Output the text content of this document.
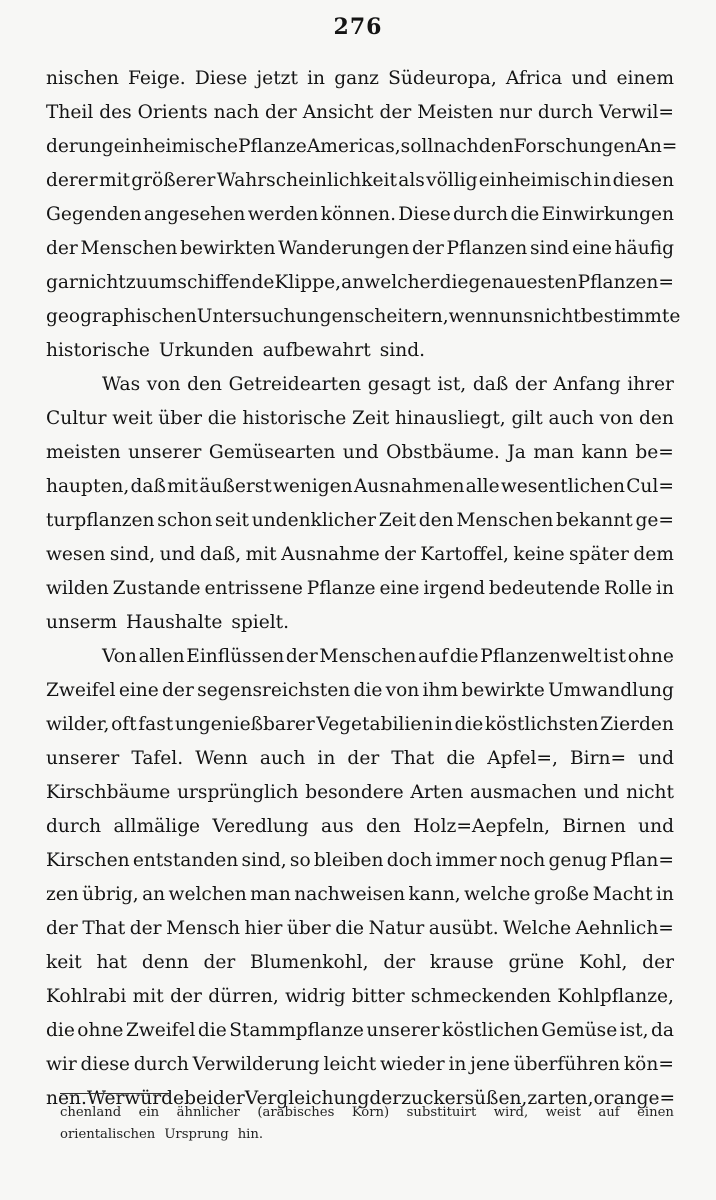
276
nischen Feige. Diese jetzt in ganz Südeuropa, Africa und einem
Theil des Orients nach der Ansicht der Meisten nur durch Verwil=
derung einheimische Pflanze Americas, soll nach den Forschungen An=
derer mit größerer Wahrscheinlichkeit als völlig einheimisch in diesen
Gegenden angesehen werden können. Diese durch die Einwirkungen
der Menschen bewirkten Wanderungen der Pflanzen sind eine häufig
gar nicht zu umschiffende Klippe, an welcher die genauesten Pflanzen=
geographischen Untersuchungen scheitern, wenn uns nicht bestimmte
historische Urkunden aufbewahrt sind.
Was von den Getreidearten gesagt ist, daß der Anfang ihrer
Cultur weit über die historische Zeit hinausliegt, gilt auch von den
meisten unserer Gemüsearten und Obstbäume. Ja man kann be=
haupten, daß mit äußerst wenigen Ausnahmen alle wesentlichen Cul=
turpflanzen schon seit undenklicher Zeit den Menschen bekannt ge=
wesen sind, und daß, mit Ausnahme der Kartoffel, keine später dem
wilden Zustande entrissene Pflanze eine irgend bedeutende Rolle in
unserm Haushalte spielt.
Von allen Einflüssen der Menschen auf die Pflanzenwelt ist ohne
Zweifel eine der segensreichsten die von ihm bewirkte Umwandlung
wilder, oft fast ungenießbarer Vegetabilien in die köstlichsten Zierden
unserer Tafel. Wenn auch in der That die Apfel=, Birn= und
Kirschbäume ursprünglich besondere Arten ausmachen und nicht
durch allmälige Veredlung aus den Holz=Aepfeln, Birnen und
Kirschen entstanden sind, so bleiben doch immer noch genug Pflan=
zen übrig, an welchen man nachweisen kann, welche große Macht in
der That der Mensch hier über die Natur ausübt. Welche Aehnlich=
keit hat denn der Blumenkohl, der krause grüne Kohl, der
Kohlrabi mit der dürren, widrig bitter schmeckenden Kohlpflanze,
die ohne Zweifel die Stammpflanze unserer köstlichen Gemüse ist, da
wir diese durch Verwilderung leicht wieder in jene überführen kön=
nen. Wer würde bei der Vergleichung der zuckersüßen, zarten, orange=
chenland ein ähnlicher (arabisches Korn) substituirt wird, weist auf einen
orientalischen Ursprung hin.
